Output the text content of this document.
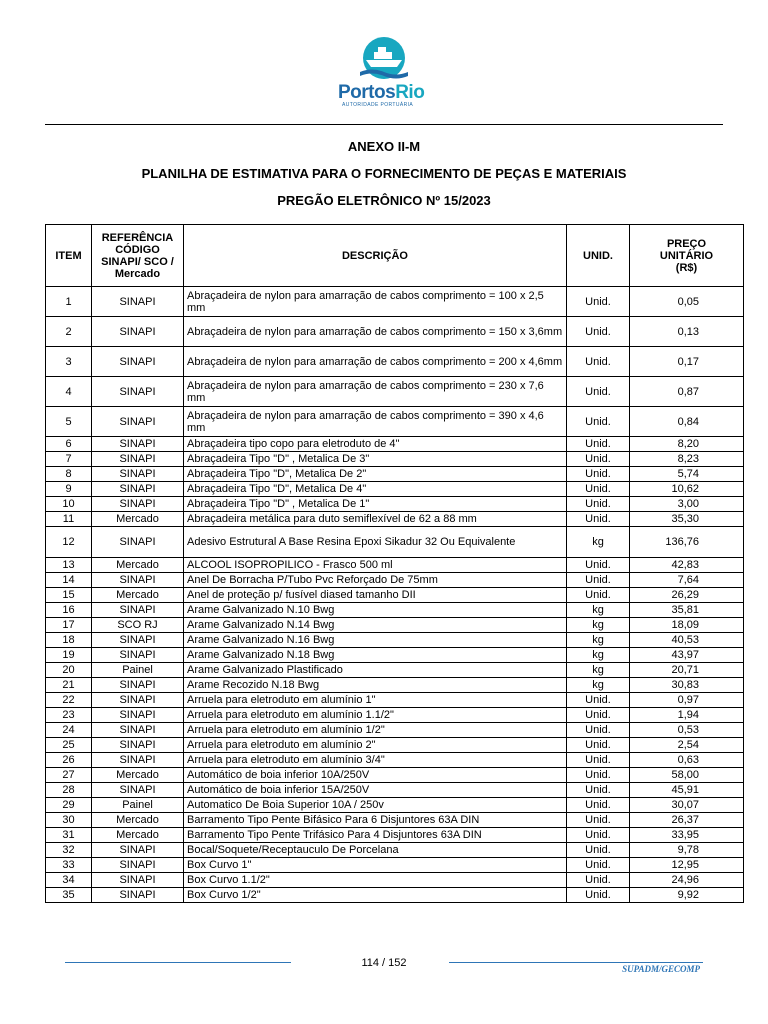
PortosRio
AUTORIDADE PORTUÁRIA
ANEXO II-M
PLANILHA DE ESTIMATIVA PARA O FORNECIMENTO DE PEÇAS E MATERIAIS
PREGÃO ELETRÔNICO Nº 15/2023
ITEM	REFERÊNCIA CÓDIGO SINAPI/ SCO / Mercado	DESCRIÇÃO	UNID.	PREÇO UNITÁRIO (R$)
1	SINAPI	Abraçadeira de nylon para amarração de cabos comprimento = 100 x 2,5 mm	Unid.	0,05
2	SINAPI	Abraçadeira de nylon para amarração de cabos comprimento = 150 x 3,6mm	Unid.	0,13
3	SINAPI	Abraçadeira de nylon para amarração de cabos comprimento = 200 x 4,6mm	Unid.	0,17
4	SINAPI	Abraçadeira de nylon para amarração de cabos comprimento = 230 x 7,6 mm	Unid.	0,87
5	SINAPI	Abraçadeira de nylon para amarração de cabos comprimento = 390 x 4,6 mm	Unid.	0,84
6	SINAPI	Abraçadeira tipo copo para eletroduto de 4"	Unid.	8,20
7	SINAPI	Abraçadeira Tipo "D" , Metalica De 3"	Unid.	8,23
8	SINAPI	Abraçadeira Tipo "D", Metalica De 2"	Unid.	5,74
9	SINAPI	Abraçadeira Tipo "D", Metalica De 4"	Unid.	10,62
10	SINAPI	Abraçadeira Tipo "D" , Metalica De 1"	Unid.	3,00
11	Mercado	Abraçadeira metálica para duto semiflexível de 62 a 88 mm	Unid.	35,30
12	SINAPI	Adesivo Estrutural A Base Resina Epoxi Sikadur 32 Ou Equivalente	kg	136,76
13	Mercado	ALCOOL ISOPROPILICO - Frasco 500 ml	Unid.	42,83
14	SINAPI	Anel De Borracha P/Tubo Pvc Reforçado De 75mm	Unid.	7,64
15	Mercado	Anel de proteção p/ fusível diased tamanho DII	Unid.	26,29
16	SINAPI	Arame Galvanizado N.10 Bwg	kg	35,81
17	SCO RJ	Arame Galvanizado N.14 Bwg	kg	18,09
18	SINAPI	Arame Galvanizado N.16 Bwg	kg	40,53
19	SINAPI	Arame Galvanizado N.18 Bwg	kg	43,97
20	Painel	Arame Galvanizado Plastificado	kg	20,71
21	SINAPI	Arame Recozido N.18 Bwg	kg	30,83
22	SINAPI	Arruela para eletroduto em alumínio 1"	Unid.	0,97
23	SINAPI	Arruela para eletroduto em alumínio 1.1/2"	Unid.	1,94
24	SINAPI	Arruela para eletroduto em alumínio 1/2"	Unid.	0,53
25	SINAPI	Arruela para eletroduto em alumínio 2"	Unid.	2,54
26	SINAPI	Arruela para eletroduto em alumínio 3/4"	Unid.	0,63
27	Mercado	Automático de boia inferior 10A/250V	Unid.	58,00
28	SINAPI	Automático de boia inferior 15A/250V	Unid.	45,91
29	Painel	Automatico De Boia Superior 10A / 250v	Unid.	30,07
30	Mercado	Barramento Tipo Pente Bifásico Para 6 Disjuntores 63A DIN	Unid.	26,37
31	Mercado	Barramento Tipo Pente Trifásico Para 4 Disjuntores 63A DIN	Unid.	33,95
32	SINAPI	Bocal/Soquete/Receptauculo De Porcelana	Unid.	9,78
33	SINAPI	Box Curvo 1"	Unid.	12,95
34	SINAPI	Box Curvo 1.1/2"	Unid.	24,96
35	SINAPI	Box Curvo 1/2"	Unid.	9,92
114 / 152	SUPADM/GECOMP
